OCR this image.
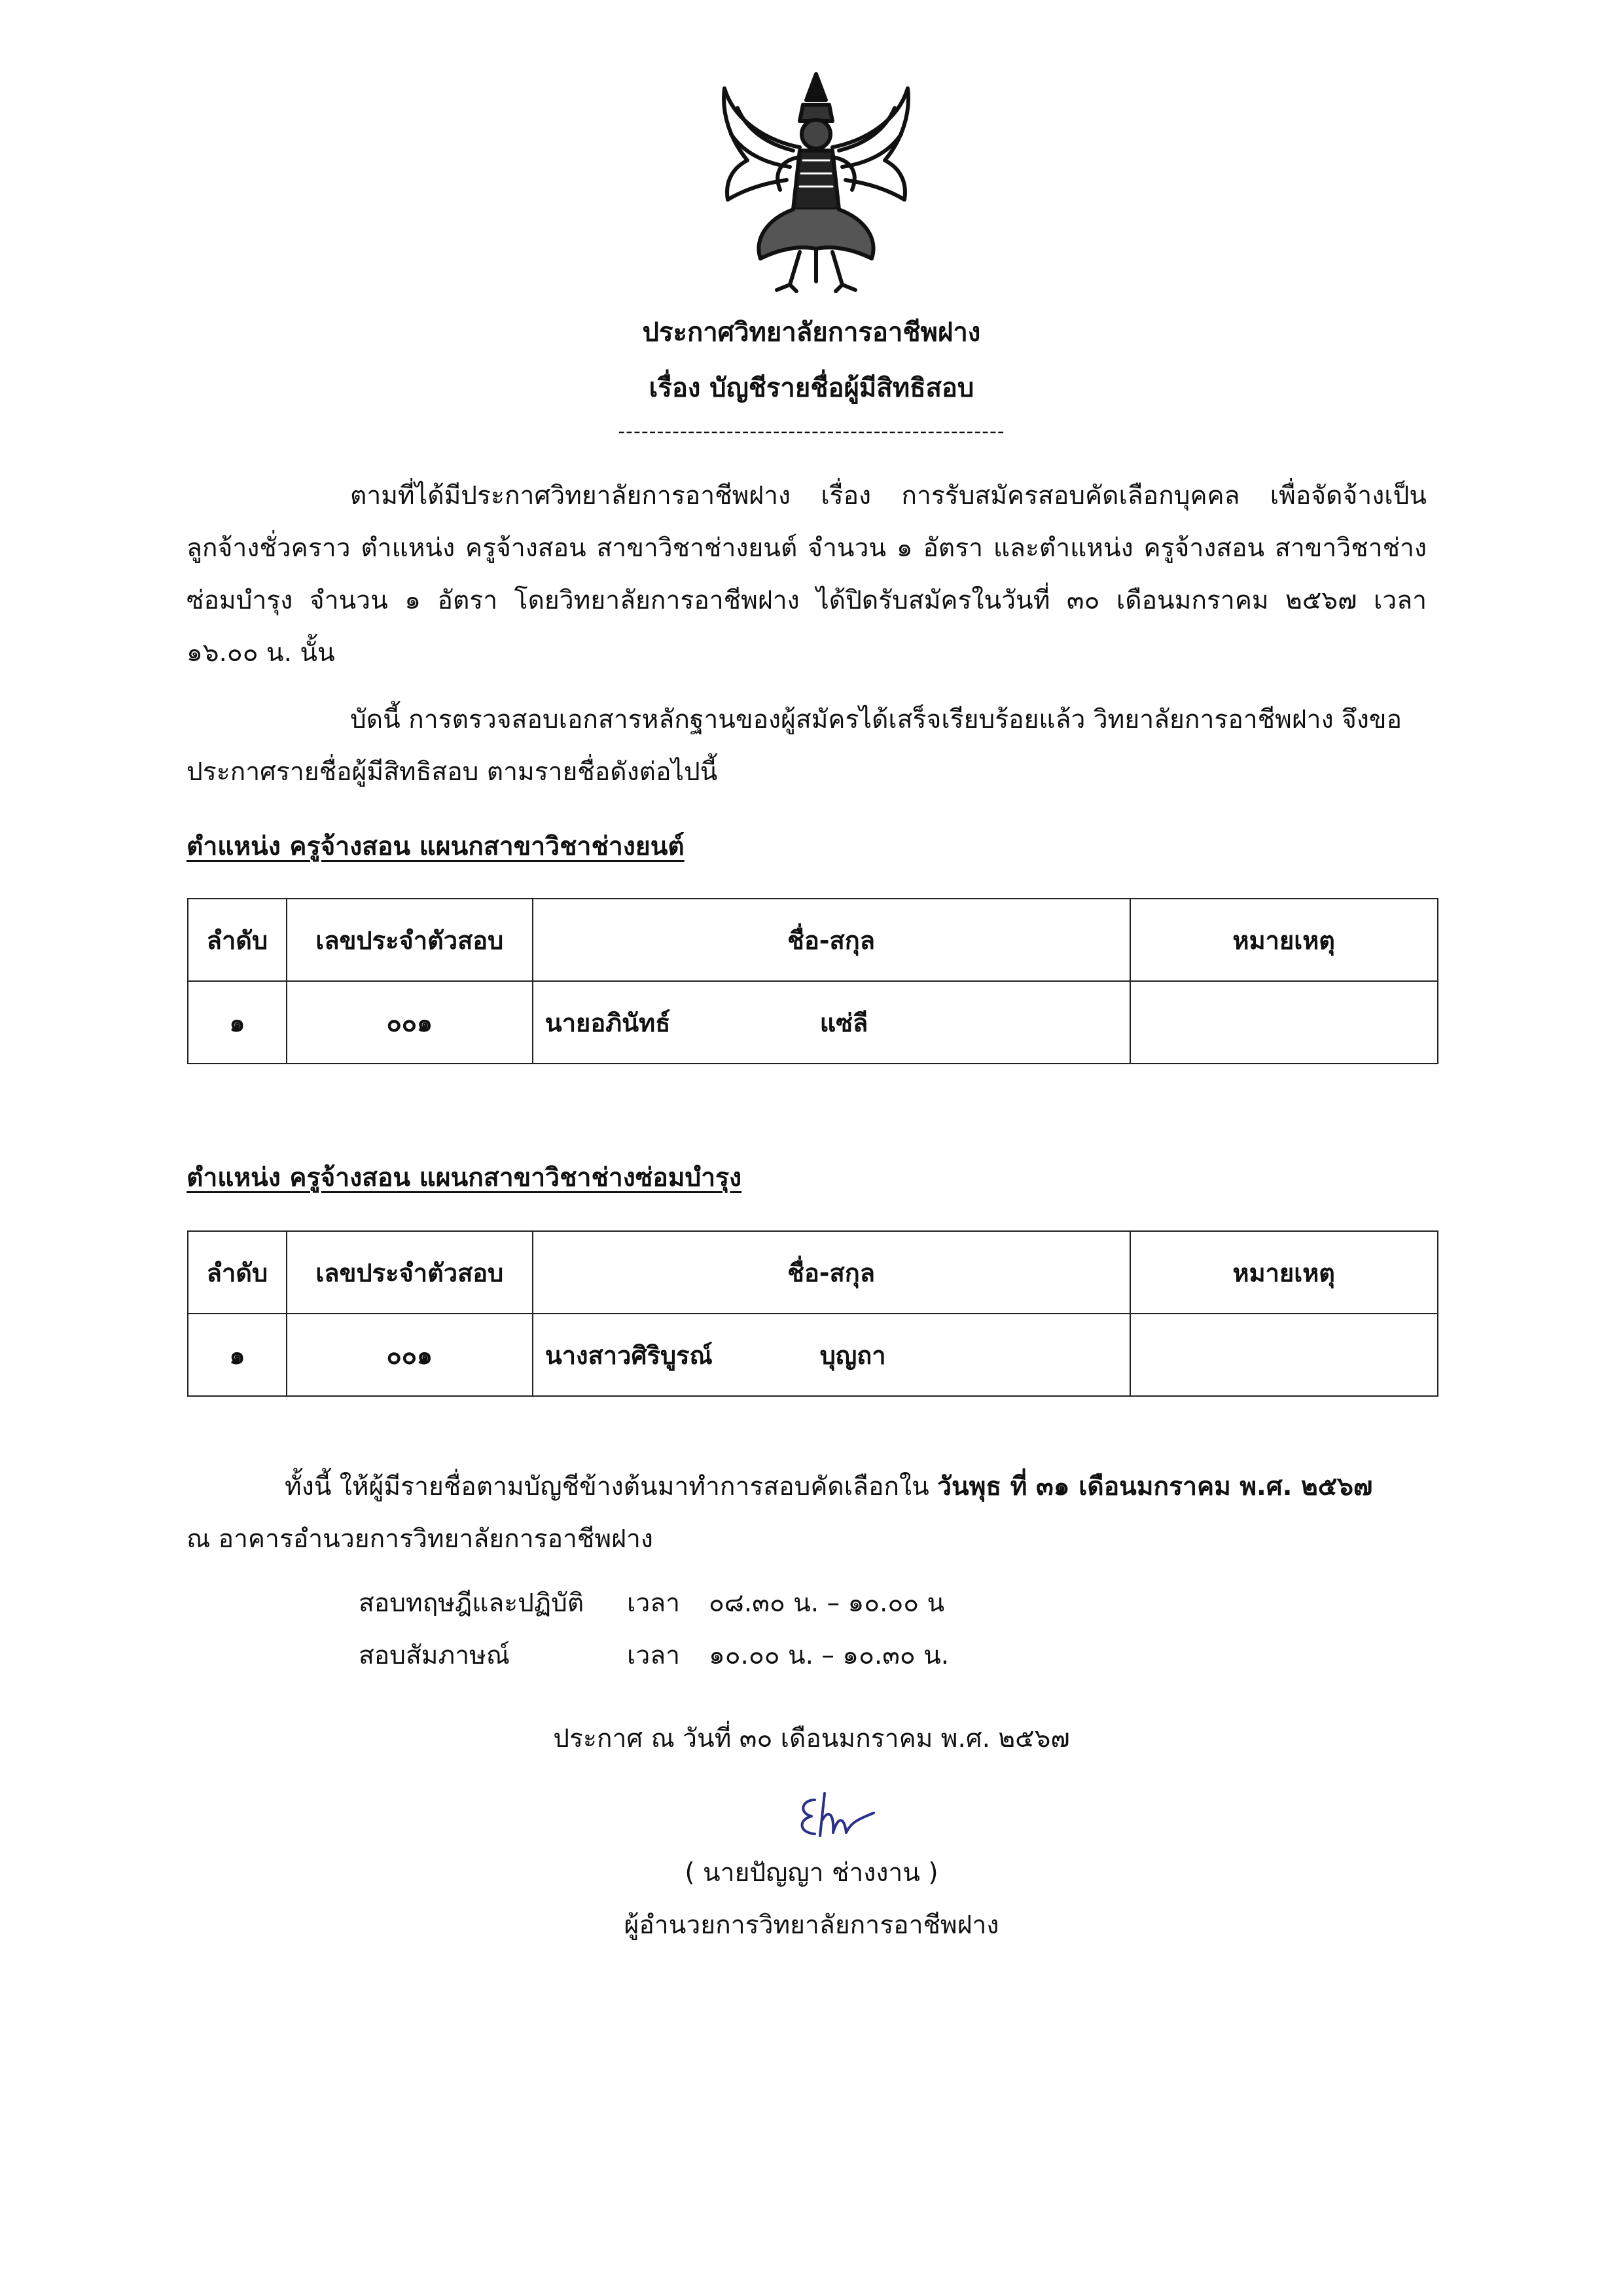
ประกาศวิทยาลัยการอาชีพฝาง
เรื่อง บัญชีรายชื่อผู้มีสิทธิสอบ
--------------------------------------------------

ตามที่ได้มีประกาศวิทยาลัยการอาชีพฝาง เรื่อง การรับสมัครสอบคัดเลือกบุคคล เพื่อจัดจ้างเป็นลูกจ้างชั่วคราว ตำแหน่ง ครูจ้างสอน สาขาวิชาช่างยนต์ จำนวน ๑ อัตรา และตำแหน่ง ครูจ้างสอน สาขาวิชาช่างซ่อมบำรุง จำนวน ๑ อัตรา โดยวิทยาลัยการอาชีพฝาง ได้ปิดรับสมัครในวันที่ ๓๐ เดือนมกราคม ๒๕๖๗ เวลา ๑๖.๐๐ น. นั้น

บัดนี้ การตรวจสอบเอกสารหลักฐานของผู้สมัครได้เสร็จเรียบร้อยแล้ว วิทยาลัยการอาชีพฝาง จึงขอประกาศรายชื่อผู้มีสิทธิสอบ ตามรายชื่อดังต่อไปนี้

ตำแหน่ง ครูจ้างสอน แผนกสาขาวิชาช่างยนต์
ลำดับ	เลขประจำตัวสอบ	ชื่อ-สกุล	หมายเหตุ
๑	๐๐๑	นายอภินัทธ์ แซ่ลี	
ตำแหน่ง ครูจ้างสอน แผนกสาขาวิชาช่างซ่อมบำรุง
ลำดับ	เลขประจำตัวสอบ	ชื่อ-สกุล	หมายเหตุ
๑	๐๐๑	นางสาวศิริบูรณ์ บุญถา	

ทั้งนี้ ให้ผู้มีรายชื่อตามบัญชีข้างต้นมาทำการสอบคัดเลือกใน วันพุธ ที่ ๓๑ เดือนมกราคม พ.ศ. ๒๕๖๗

ณ อาคารอำนวยการวิทยาลัยการอาชีพฝาง

สอบทฤษฎีและปฏิบัติ เวลา ๐๘.๓๐ น. – ๑๐.๐๐ น
สอบสัมภาษณ์	เวลา ๑๐.๐๐ น. – ๑๐.๓๐ น.
ประกาศ ณ วันที่ ๓๐ เดือนมกราคม พ.ศ. ๒๕๖๗
( นายปัญญา ช่างงาน )
ผู้อำนวยการวิทยาลัยการอาชีพฝาง
